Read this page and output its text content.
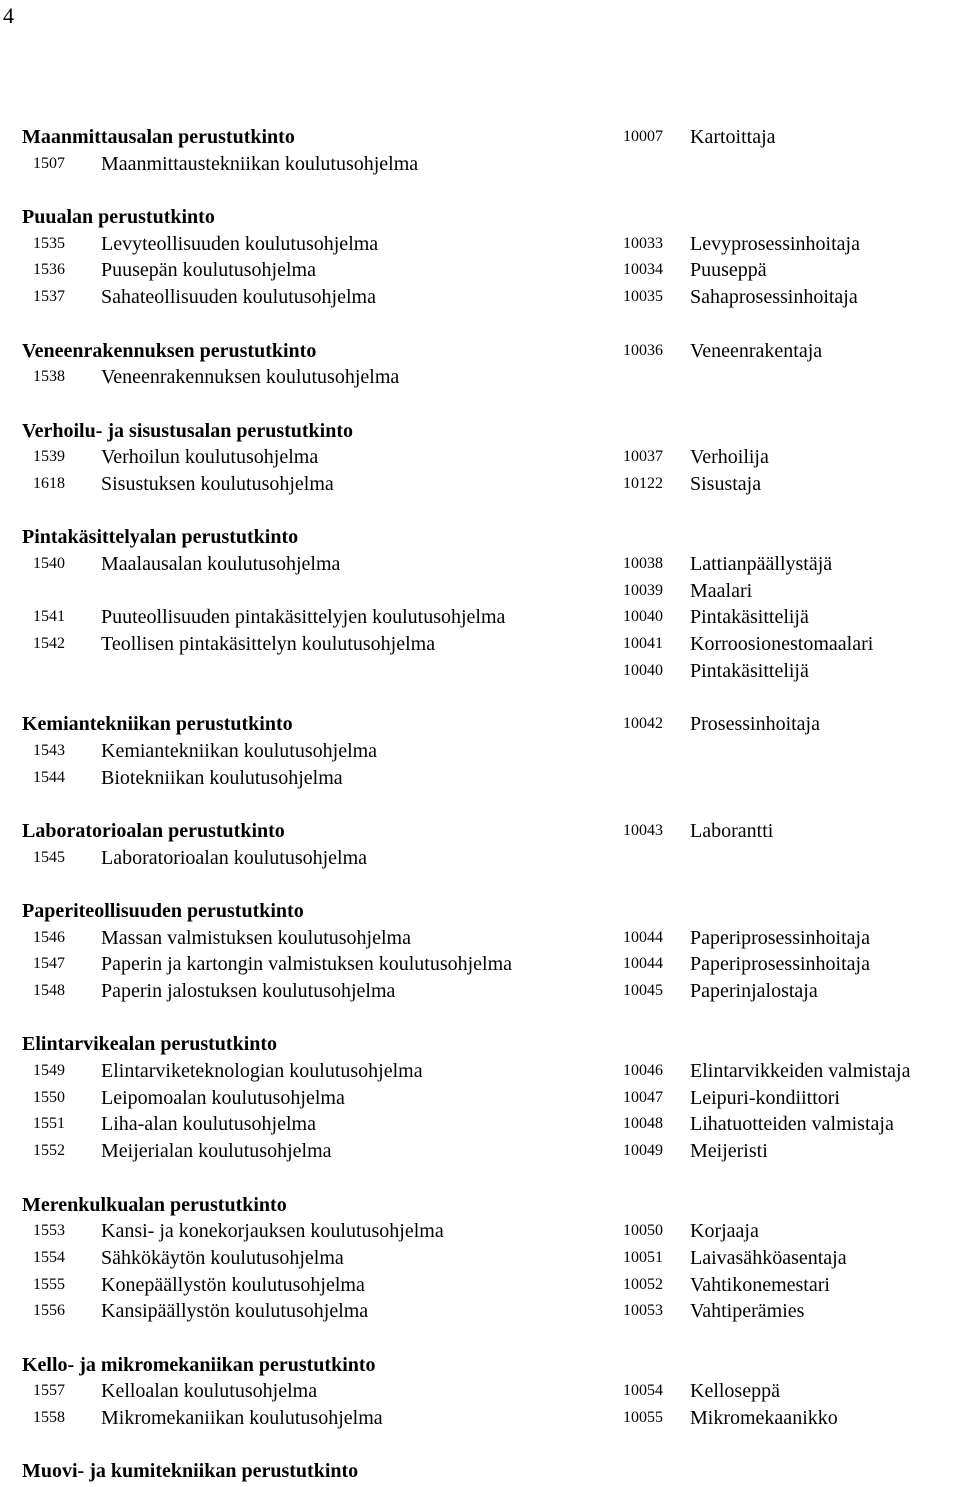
4
Maanmittausalan perustutkinto	10007 Kartoittaja
1507 Maanmittaustekniikan koulutusohjelma
Puualan perustutkinto
1535 Levyteollisuuden koulutusohjelma	10033 Levyprosessinhoitaja
1536 Puusepän koulutusohjelma	10034 Puuseppä
1537 Sahateollisuuden koulutusohjelma	10035 Sahaprosessinhoitaja
Veneenrakennuksen perustutkinto	10036 Veneenrakentaja
1538 Veneenrakennuksen koulutusohjelma
Verhoilu- ja sisustusalan perustutkinto
1539 Verhoilun koulutusohjelma	10037 Verhoilija
1618 Sisustuksen koulutusohjelma	10122 Sisustaja
Pintakäsittelyalan perustutkinto
1540 Maalausalan koulutusohjelma	10038 Lattianpäällystäjä
10039 Maalari
1541 Puuteollisuuden pintakäsittelyjen koulutusohjelma	10040 Pintakäsittelijä
1542 Teollisen pintakäsittelyn koulutusohjelma	10041 Korroosionestomaalari
10040 Pintakäsittelijä
Kemiantekniikan perustutkinto	10042 Prosessinhoitaja
1543 Kemiantekniikan koulutusohjelma
1544 Biotekniikan koulutusohjelma
Laboratorioalan perustutkinto	10043 Laborantti
1545 Laboratorioalan koulutusohjelma
Paperiteollisuuden perustutkinto
1546 Massan valmistuksen koulutusohjelma	10044 Paperiprosessinhoitaja
1547 Paperin ja kartongin valmistuksen koulutusohjelma	10044 Paperiprosessinhoitaja
1548 Paperin jalostuksen koulutusohjelma	10045 Paperinjalostaja
Elintarvikealan perustutkinto
1549 Elintarviketeknologian koulutusohjelma	10046 Elintarvikkeiden valmistaja
1550 Leipomoalan koulutusohjelma	10047 Leipuri-kondiittori
1551 Liha-alan koulutusohjelma	10048 Lihatuotteiden valmistaja
1552 Meijerialan koulutusohjelma	10049 Meijeristi
Merenkulkualan perustutkinto
1553 Kansi- ja konekorjauksen koulutusohjelma	10050 Korjaaja
1554 Sähkökäytön koulutusohjelma	10051 Laivasähköasentaja
1555 Konepäällystön koulutusohjelma	10052 Vahtikonemestari
1556 Kansipäällystön koulutusohjelma	10053 Vahtiperämies
Kello- ja mikromekaniikan perustutkinto
1557 Kelloalan koulutusohjelma	10054 Kelloseppä
1558 Mikromekaniikan koulutusohjelma	10055 Mikromekaanikko
Muovi- ja kumitekniikan perustutkinto
